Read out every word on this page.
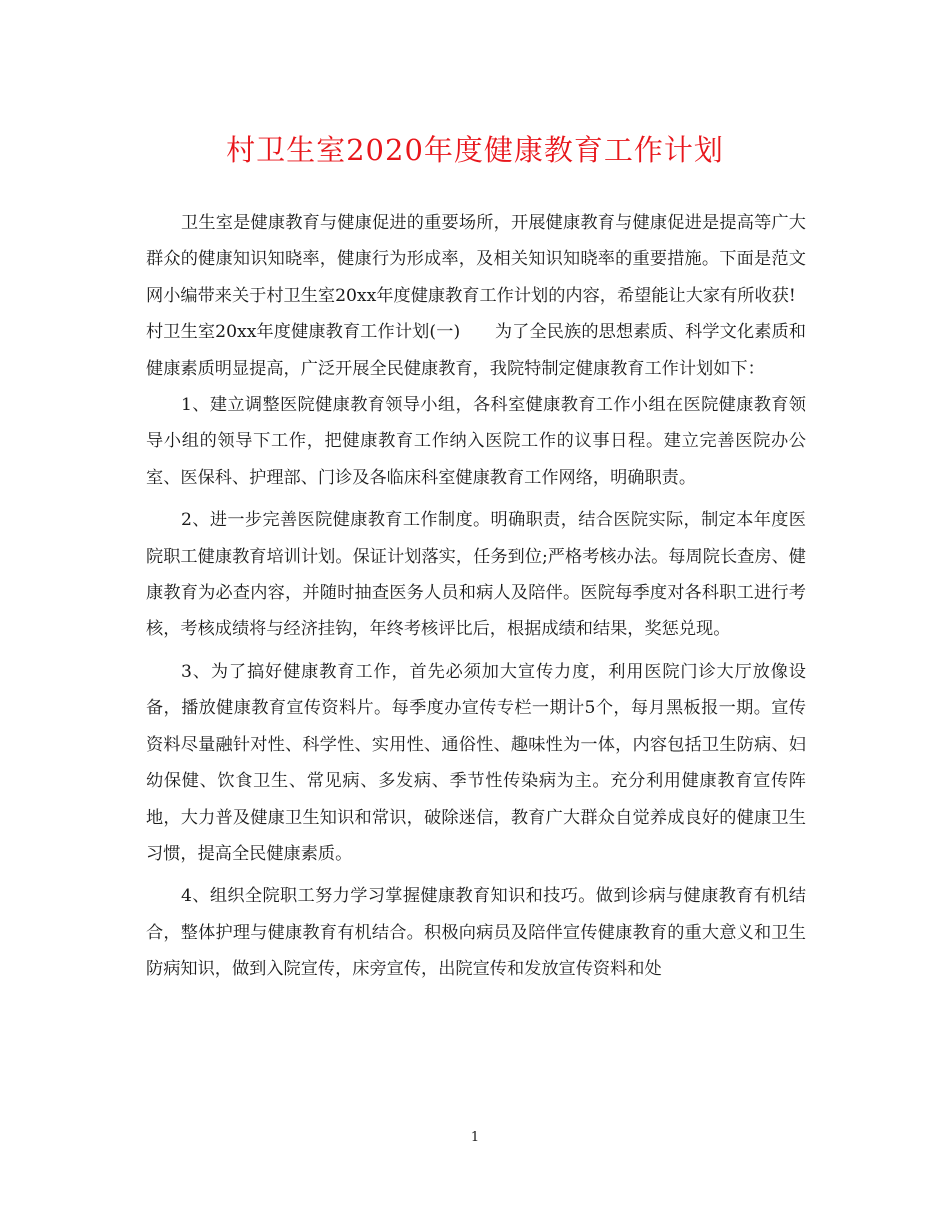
村卫生室2020年度健康教育工作计划

卫生室是健康教育与健康促进的重要场所，开展健康教育与健康促进是提高等广大群众的健康知识知晓率，健康行为形成率，及相关知识知晓率的重要措施。下面是范文网小编带来关于村卫生室20xx年度健康教育工作计划的内容，希望能让大家有所收获!

村卫生室20xx年度健康教育工作计划(一)　　为了全民族的思想素质、科学文化素质和健康素质明显提高，广泛开展全民健康教育，我院特制定健康教育工作计划如下：

1、建立调整医院健康教育领导小组，各科室健康教育工作小组在医院健康教育领导小组的领导下工作，把健康教育工作纳入医院工作的议事日程。建立完善医院办公室、医保科、护理部、门诊及各临床科室健康教育工作网络，明确职责。

2、进一步完善医院健康教育工作制度。明确职责，结合医院实际，制定本年度医院职工健康教育培训计划。保证计划落实，任务到位;严格考核办法。每周院长查房、健康教育为必查内容，并随时抽查医务人员和病人及陪伴。医院每季度对各科职工进行考核，考核成绩将与经济挂钩，年终考核评比后，根据成绩和结果，奖惩兑现。

3、为了搞好健康教育工作，首先必须加大宣传力度，利用医院门诊大厅放像设备，播放健康教育宣传资料片。每季度办宣传专栏一期计5个，每月黑板报一期。宣传资料尽量融针对性、科学性、实用性、通俗性、趣味性为一体，内容包括卫生防病、妇幼保健、饮食卫生、常见病、多发病、季节性传染病为主。充分利用健康教育宣传阵地，大力普及健康卫生知识和常识，破除迷信，教育广大群众自觉养成良好的健康卫生习惯，提高全民健康素质。

4、组织全院职工努力学习掌握健康教育知识和技巧。做到诊病与健康教育有机结合，整体护理与健康教育有机结合。积极向病员及陪伴宣传健康教育的重大意义和卫生防病知识，做到入院宣传，床旁宣传，出院宣传和发放宣传资料和处

1
